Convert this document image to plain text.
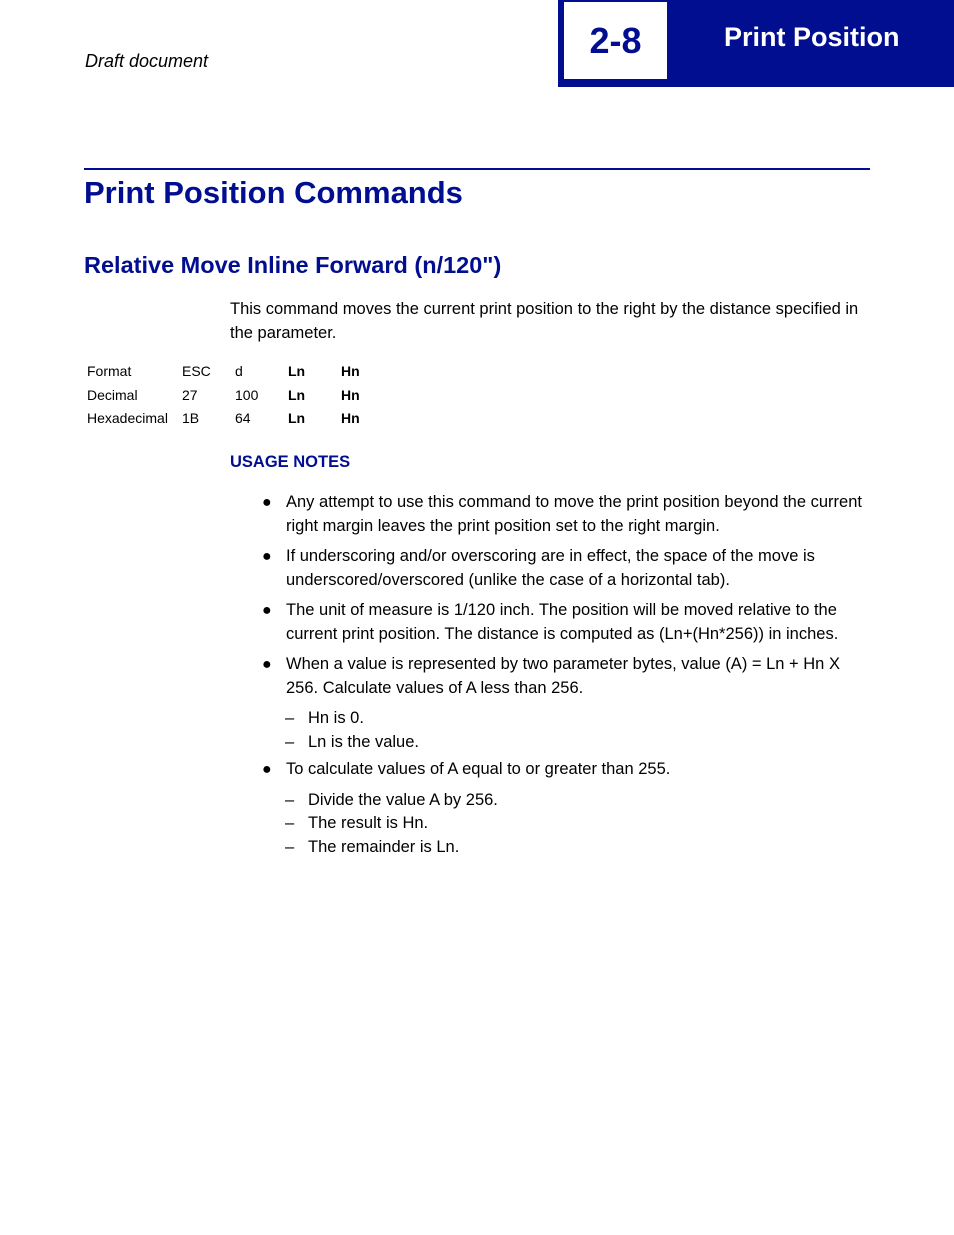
Draft document
2-8	Print Position
Print Position Commands
Relative Move Inline Forward (n/120")
This command moves the current print position to the right by the distance specified in the parameter.
Format	ESC	d	Ln	Hn
Decimal	27	100	Ln	Hn
Hexadecimal	1B	64	Ln	Hn
USAGE NOTES
● Any attempt to use this command to move the print position beyond the current right margin leaves the print position set to the right margin.
● If underscoring and/or overscoring are in effect, the space of the move is underscored/overscored (unlike the case of a horizontal tab).
● The unit of measure is 1/120 inch. The position will be moved relative to the current print position. The distance is computed as (Ln+(Hn*256)) in inches.
● When a value is represented by two parameter bytes, value (A) = Ln + Hn X 256. Calculate values of A less than 256.
– Hn is 0.
– Ln is the value.
● To calculate values of A equal to or greater than 255.
– Divide the value A by 256.
– The result is Hn.
– The remainder is Ln.
